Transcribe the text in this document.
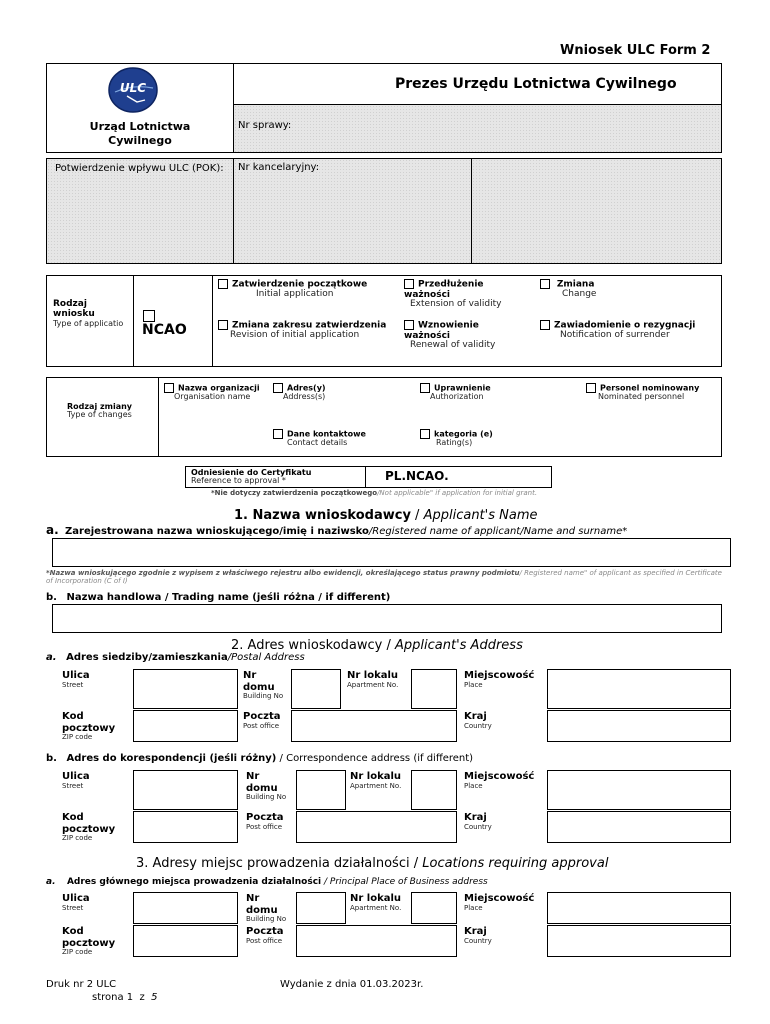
Wniosek ULC Form 2
Prezes Urzędu Lotnictwa Cywilnego
Nr sprawy:
ULC
Urząd Lotnictwa Cywilnego
Potwierdzenie wpływu ULC (POK): Nr kancelaryjny:
Rodzaj wniosku
Type of applicatio	NCAO
Zatwierdzenie początkowe
Initial application
Zmiana zakresu zatwierdzenia
Revision of initial application
Przedłużenie ważności
Extension of validity
Wznowienie ważności
Renewal of validity
Zmiana
Change
Zawiadomienie o rezygnacji
Notification of surrender
Rodzaj zmiany
Type of changes
Nazwa organizacji
Organisation name
Adres(y)
Address(s)
Uprawnienie
Authorization
Personel nominowany
Nominated personnel
Dane kontaktowe
Contact details
kategoria (e)
Rating(s)
Odniesienie do Certyfikatu
Reference to approval *	PL.NCAO.
*Nie dotyczy zatwierdzenia początkowego/Not applicable" if application for initial grant.
1. Nazwa wnioskodawcy / Applicant's Name
a. Zarejestrowana nazwa wnioskującego/imię i naziwsko/Registered name of applicant/Name and surname*
*Nazwa wnioskującego zgodnie z wypisem z właściwego rejestru albo ewidencji, określającego status prawny podmiotu/ Registered name" of applicant as specified in Certificate of Incorporation (C of I)
b. Nazwa handlowa / Trading name (jeśli różna / if different)
2. Adres wnioskodawcy / Applicant's Address
a. Adres siedziby/zamieszkania/Postal Address
Ulica
Street
Nr domu
Building No
Nr lokalu
Apartment No.
Miejscowość
Place
Kod pocztowy
ZIP code
Poczta
Post office
Kraj
Country
b. Adres do korespondencji (jeśli różny) / Correspondence address (if different)
Ulica
Street
Nr domu
Building No
Nr lokalu
Apartment No.
Miejscowość
Place
Kod pocztowy
ZIP code
Poczta
Post office
Kraj
Country
3. Adresy miejsc prowadzenia działalności / Locations requiring approval
a. Adres głównego miejsca prowadzenia działalności / Principal Place of Business address
Ulica
Street
Nr domu
Building No
Nr lokalu
Apartment No.
Miejscowość
Place
Kod pocztowy
ZIP code
Poczta
Post office
Kraj
Country
Druk nr 2 ULC
strona 1 z 5
Wydanie z dnia 01.03.2023r.
